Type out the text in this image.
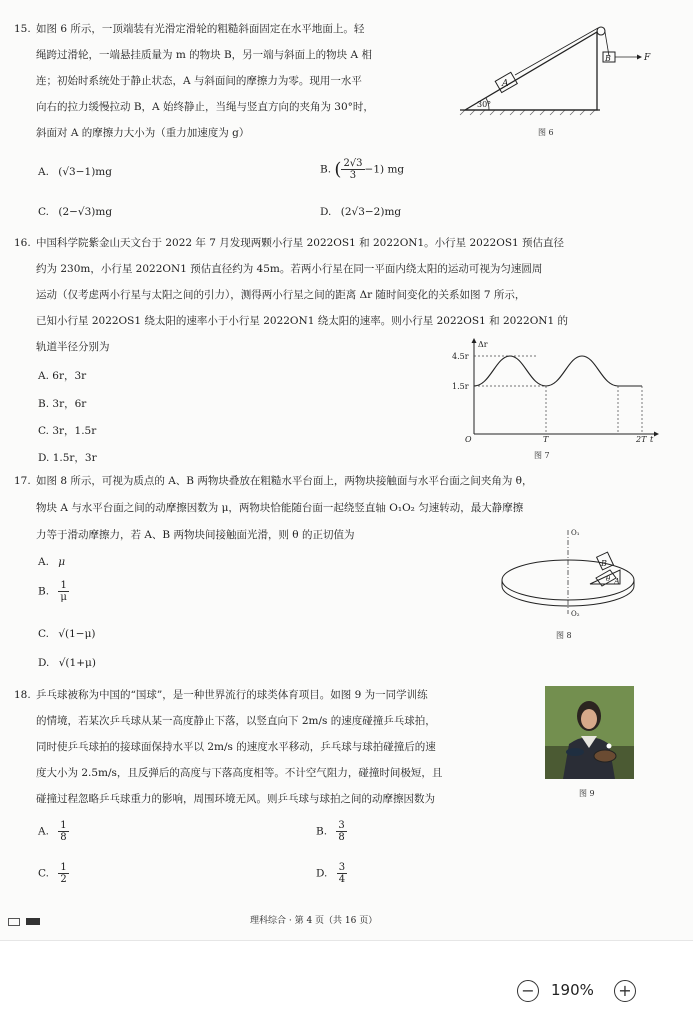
15. 如图 6 所示，一顶端装有光滑定滑轮的粗糙斜面固定在水平地面上。轻
绳跨过滑轮，一端悬挂质量为 m 的物块 B，另一端与斜面上的物块 A 相
连；初始时系统处于静止状态，A 与斜面间的摩擦力为零。现用一水平
向右的拉力缓慢拉动 B，A 始终静止，当绳与竖直方向的夹角为 30°时，
斜面对 A 的摩擦力大小为（重力加速度为 g）
A
B	F
30°
图 6
A. (√3−1)mg	B. ( $\frac{2√3}{3} -1$) mg
C. (2−√3)mg	D. (2√3−2)mg
16. 中国科学院紫金山天文台于 2022 年 7 月发现两颗小行星 2022OS1 和 2022ON1。小行星 2022OS1 预估直径
约为 230m，小行星 2022ON1 预估直径约为 45m。若两小行星在同一平面内绕太阳的运动可视为匀速圆周
运动（仅考虑两小行星与太阳之间的引力），测得两小行星之间的距离 Δr 随时间变化的关系如图 7 所示，
已知小行星 2022OS1 绕太阳的速率小于小行星 2022ON1 绕太阳的速率。则小行星 2022OS1 和 2022ON1 的
轨道半径分别为
A. 6r，3r
B. 3r，6r
C. 3r，1.5r
D. 1.5r，3r
4.5r
1.5r
Δr
O	T	2T t
图 7
17. 如图 8 所示，可视为质点的 A、B 两物块叠放在粗糙水平台面上，两物块接触面与水平台面之间夹角为 θ，
物块 A 与水平台面之间的动摩擦因数为 μ，两物块恰能随台面一起绕竖直轴 O₁O₂ 匀速转动，最大静摩擦
力等于滑动摩擦力，若 A、B 两物块间接触面光滑，则 θ 的正切值为
A. μ
B. $\frac{1}{\mu}$
C. √(1−μ)
D. √(1+μ)
O₁
O₂
B
A
θ
图 8
18. 乒乓球被称为中国的“国球”，是一种世界流行的球类体育项目。如图 9 为一同学训练
的情境，若某次乒乓球从某一高度静止下落，以竖直向下 2m/s 的速度碰撞乒乓球拍，
同时使乒乓球拍的接球面保持水平以 2m/s 的速度水平移动，乒乓球与球拍碰撞后的速
度大小为 2.5m/s，且反弹后的高度与下落高度相等。不计空气阻力，碰撞时间极短，且
碰撞过程忽略乒乓球重力的影响，周围环境无风。则乒乓球与球拍之间的动摩擦因数为	图 9
A. $\frac{1}{8}$	B. $\frac{3}{8}$
C. $\frac{1}{2}$	D. $\frac{3}{4}$
理科综合 · 第 4 页（共 16 页）
− 190% +
